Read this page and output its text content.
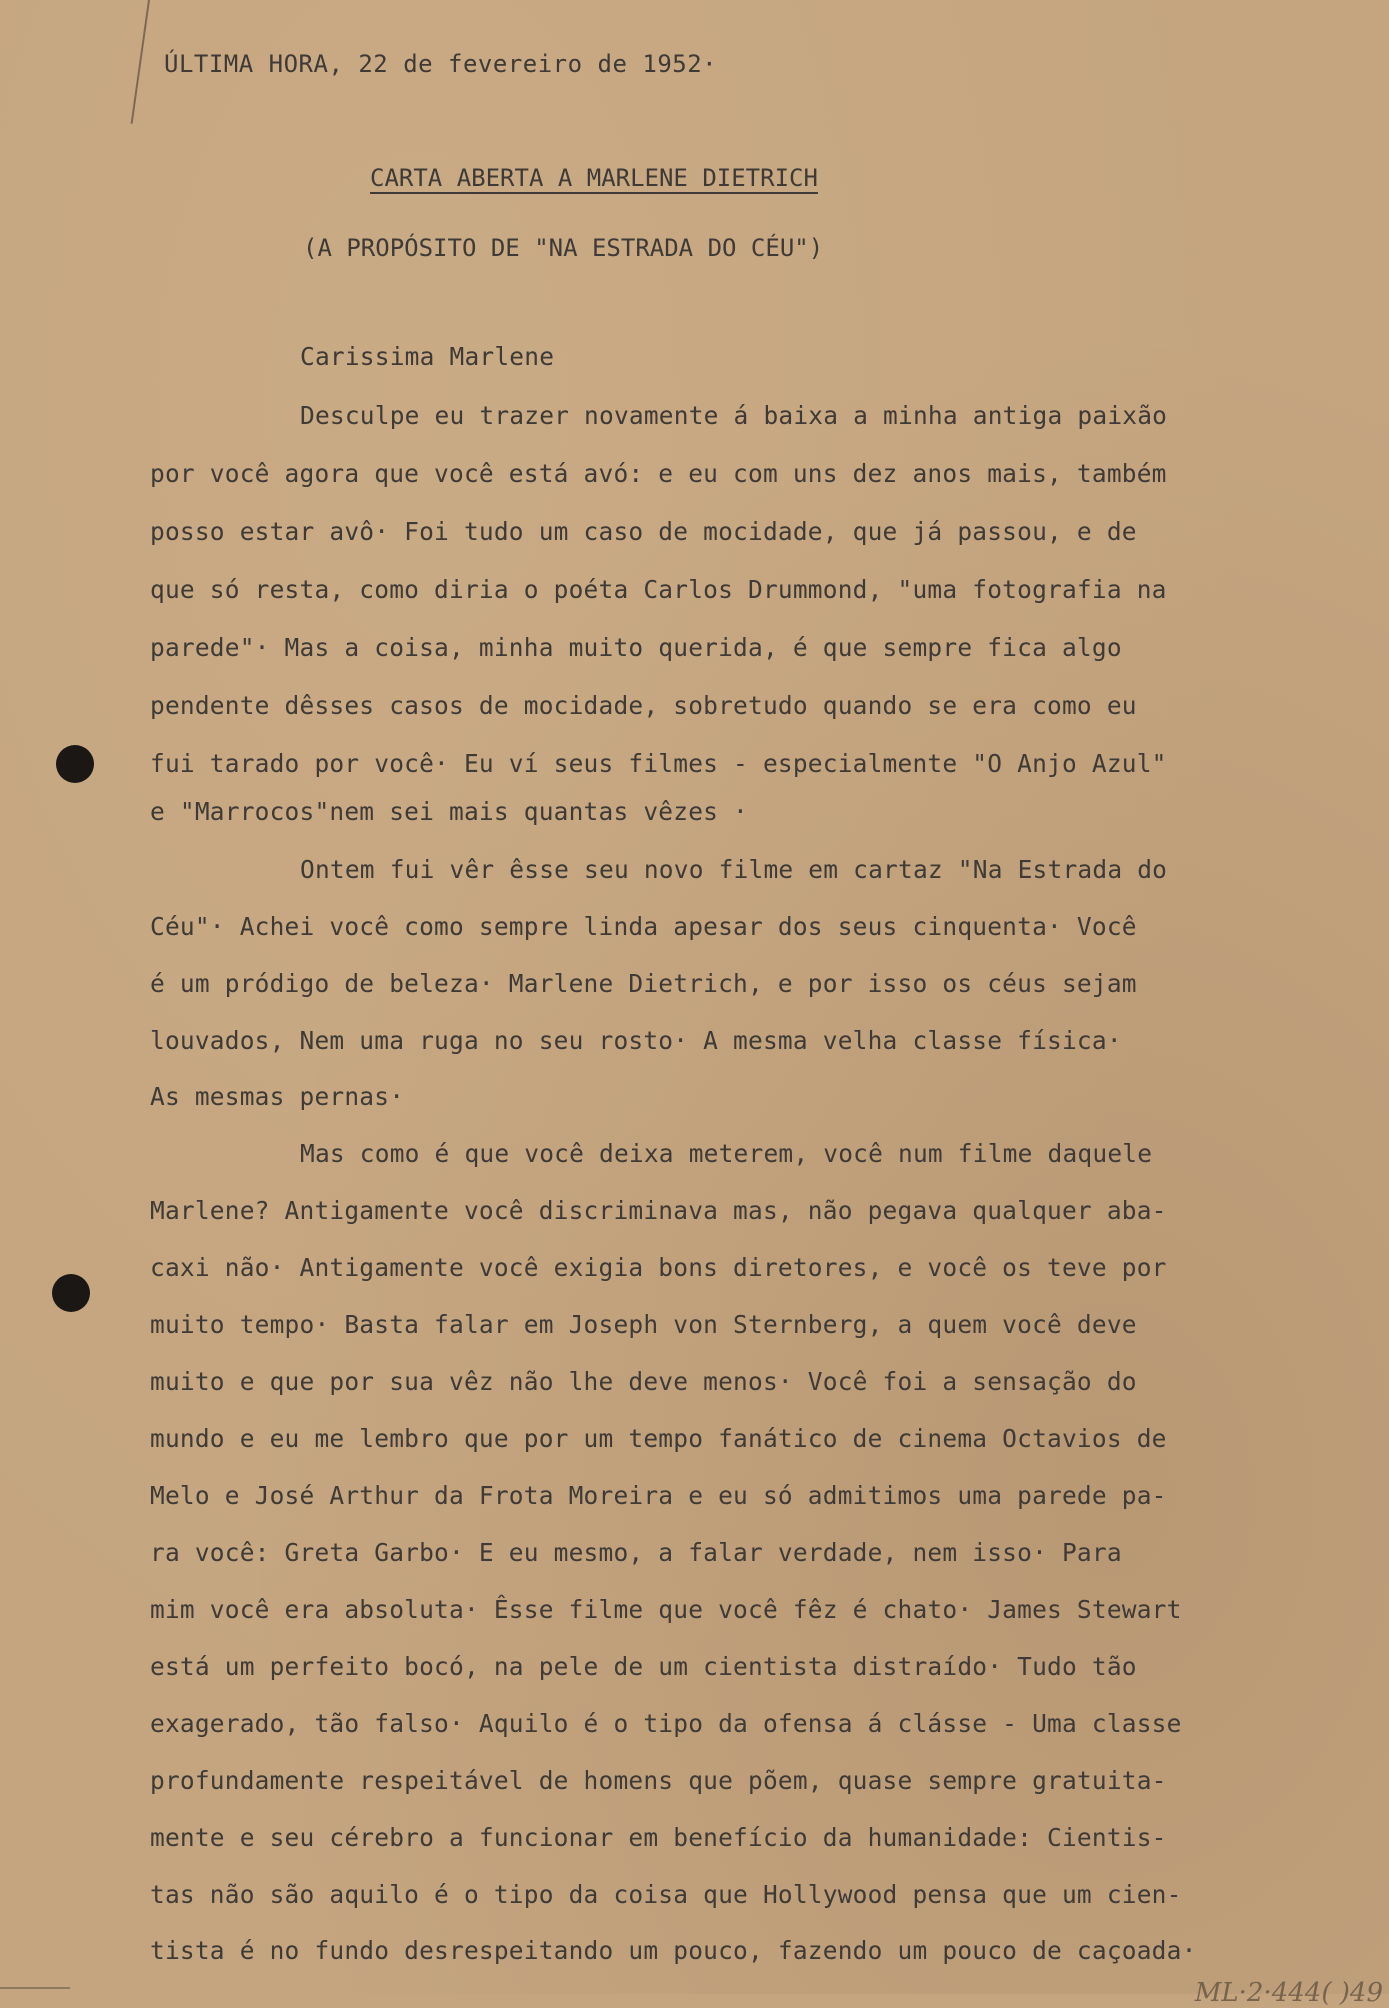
ÚLTIMA HORA, 22 de fevereiro de 1952·
CARTA ABERTA A MARLENE DIETRICH
(A PROPÓSITO DE "NA ESTRADA DO CÉU")
Carissima Marlene
Desculpe eu trazer novamente á baixa a minha antiga paixão
por você agora que você está avó: e eu com uns dez anos mais, também
posso estar avô· Foi tudo um caso de mocidade, que já passou, e de
que só resta, como diria o poéta Carlos Drummond, "uma fotografia na
parede"· Mas a coisa, minha muito querida, é que sempre fica algo
pendente dêsses casos de mocidade, sobretudo quando se era como eu
fui tarado por você· Eu ví seus filmes - especialmente "O Anjo Azul"
e "Marrocos"nem sei mais quantas vêzes ·
Ontem fui vêr êsse seu novo filme em cartaz "Na Estrada do
Céu"· Achei você como sempre linda apesar dos seus cinquenta· Você
é um pródigo de beleza· Marlene Dietrich, e por isso os céus sejam
louvados, Nem uma ruga no seu rosto· A mesma velha classe física·
As mesmas pernas·
Mas como é que você deixa meterem, você num filme daquele
Marlene? Antigamente você discriminava mas, não pegava qualquer aba-
caxi não· Antigamente você exigia bons diretores, e você os teve por
muito tempo· Basta falar em Joseph von Sternberg, a quem você deve
muito e que por sua vêz não lhe deve menos· Você foi a sensação do
mundo e eu me lembro que por um tempo fanático de cinema Octavios de
Melo e José Arthur da Frota Moreira e eu só admitimos uma parede pa-
ra você: Greta Garbo· E eu mesmo, a falar verdade, nem isso· Para
mim você era absoluta· Êsse filme que você fêz é chato· James Stewart
está um perfeito bocó, na pele de um cientista distraído· Tudo tão
exagerado, tão falso· Aquilo é o tipo da ofensa á clásse - Uma classe
profundamente respeitável de homens que põem, quase sempre gratuita-
mente e seu cérebro a funcionar em benefício da humanidade: Cientis-
tas não são aquilo é o tipo da coisa que Hollywood pensa que um cien-
tista é no fundo desrespeitando um pouco, fazendo um pouco de caçoada·
ML·2·444( )49
